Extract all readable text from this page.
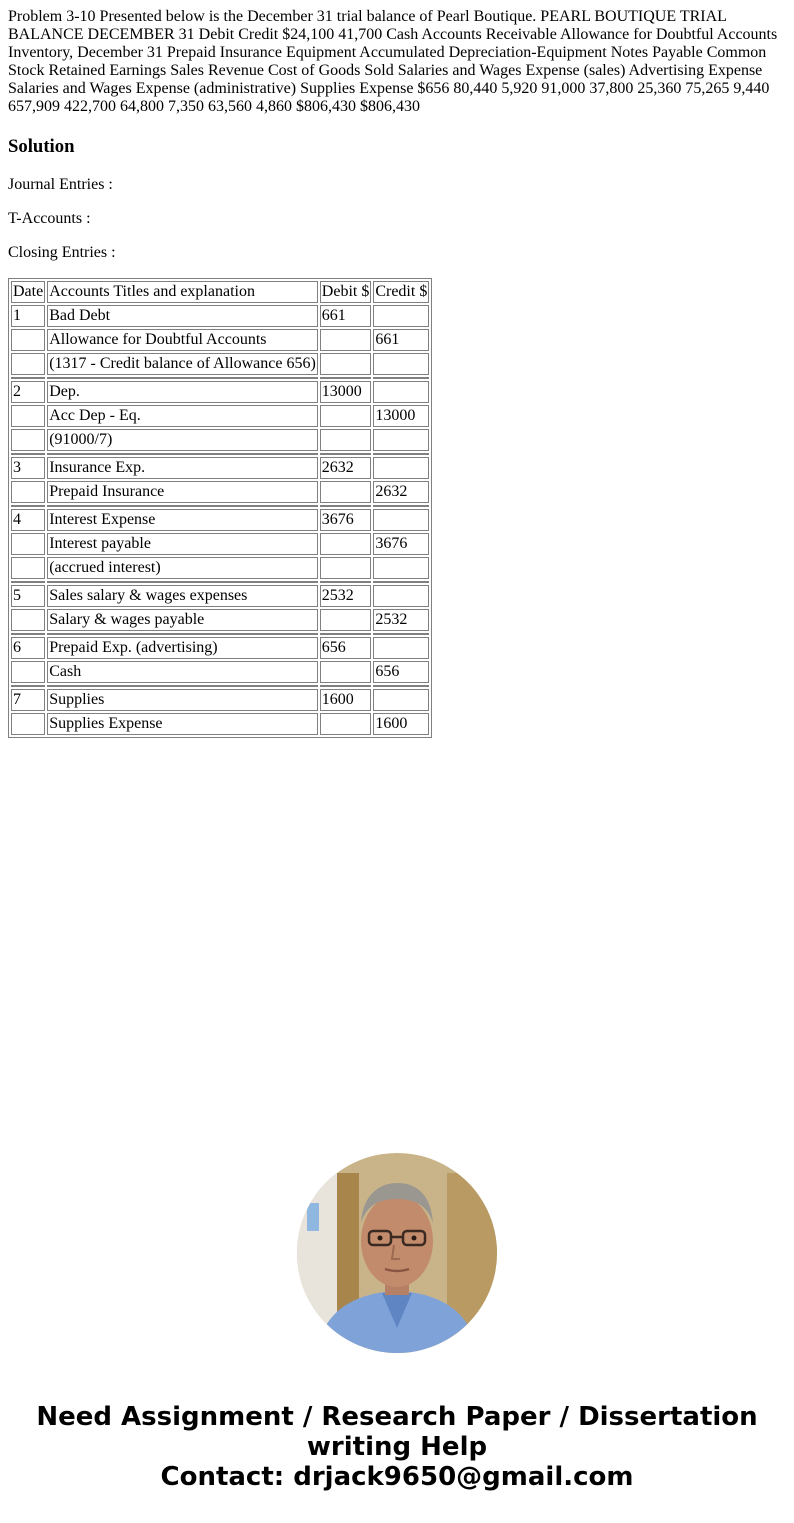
Problem 3-10 Presented below is the December 31 trial balance of Pearl Boutique. PEARL BOUTIQUE TRIAL BALANCE DECEMBER 31 Debit Credit $24,100 41,700 Cash Accounts Receivable Allowance for Doubtful Accounts Inventory, December 31 Prepaid Insurance Equipment Accumulated Depreciation-Equipment Notes Payable Common Stock Retained Earnings Sales Revenue Cost of Goods Sold Salaries and Wages Expense (sales) Advertising Expense Salaries and Wages Expense (administrative) Supplies Expense $656 80,440 5,920 91,000 37,800 25,360 75,265 9,440 657,909 422,700 64,800 7,350 63,560 4,860 $806,430 $806,430

Solution

Journal Entries :

T-Accounts :

Closing Entries :

Date	Accounts Titles and explanation	Debit $	Credit $
1	Bad Debt	661	
	Allowance for Doubtful Accounts		661
	(1317 - Credit balance of Allowance 656)		

2	Dep.	13000	
	Acc Dep - Eq.		13000
	(91000/7)		

3	Insurance Exp.	2632	
	Prepaid Insurance		2632

4	Interest Expense	3676	
	Interest payable		3676
	(accrued interest)		

5	Sales salary & wages expenses	2532	
	Salary & wages payable		2532

6	Prepaid Exp. (advertising)	656	
	Cash		656

7	Supplies	1600	
	Supplies Expense		1600
Need Assignment / Research Paper / Dissertation
writing Help
Contact: drjack9650@gmail.com
